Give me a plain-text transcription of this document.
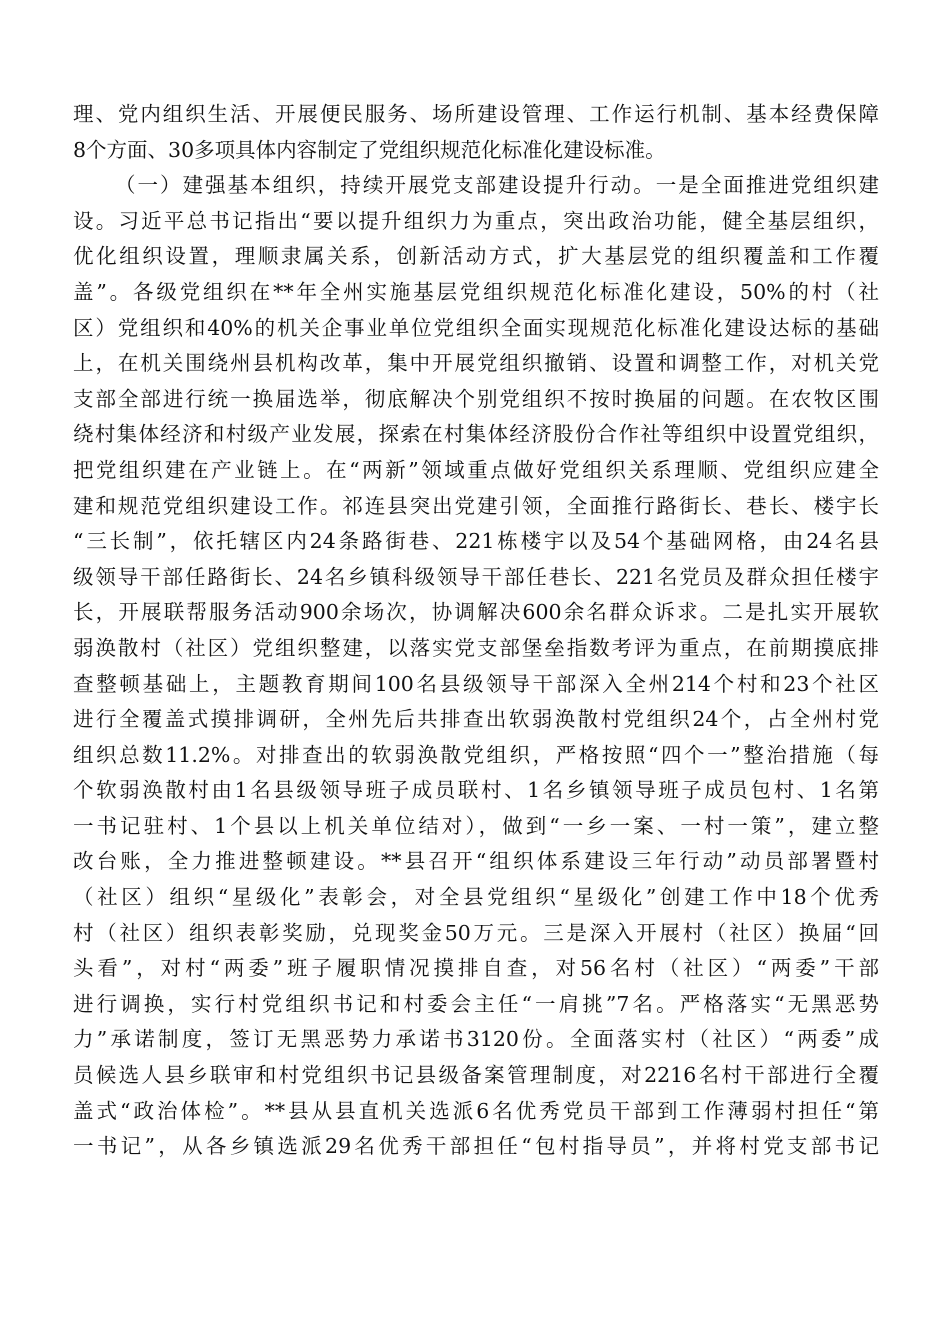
理、党内组织生活、开展便民服务、场所建设管理、工作运行机制、基本经费保障
8个方面、30多项具体内容制定了党组织规范化标准化建设标准。
（一）建强基本组织，持续开展党支部建设提升行动。一是全面推进党组织建
设。习近平总书记指出“要以提升组织力为重点，突出政治功能，健全基层组织，
优化组织设置，理顺隶属关系，创新活动方式，扩大基层党的组织覆盖和工作覆
盖”。各级党组织在**年全州实施基层党组织规范化标准化建设，50%的村（社
区）党组织和40%的机关企事业单位党组织全面实现规范化标准化建设达标的基础
上，在机关围绕州县机构改革，集中开展党组织撤销、设置和调整工作，对机关党
支部全部进行统一换届选举，彻底解决个别党组织不按时换届的问题。在农牧区围
绕村集体经济和村级产业发展，探索在村集体经济股份合作社等组织中设置党组织，
把党组织建在产业链上。在“两新”领域重点做好党组织关系理顺、党组织应建全
建和规范党组织建设工作。祁连县突出党建引领，全面推行路街长、巷长、楼宇长
“三长制”，依托辖区内24条路街巷、221栋楼宇以及54个基础网格，由24名县
级领导干部任路街长、24名乡镇科级领导干部任巷长、221名党员及群众担任楼宇
长，开展联帮服务活动900余场次，协调解决600余名群众诉求。二是扎实开展软
弱涣散村（社区）党组织整建，以落实党支部堡垒指数考评为重点，在前期摸底排
查整顿基础上，主题教育期间100名县级领导干部深入全州214个村和23个社区
进行全覆盖式摸排调研，全州先后共排查出软弱涣散村党组织24个，占全州村党
组织总数11.2%。对排查出的软弱涣散党组织，严格按照“四个一”整治措施（每
个软弱涣散村由1名县级领导班子成员联村、1名乡镇领导班子成员包村、1名第
一书记驻村、1个县以上机关单位结对），做到“一乡一案、一村一策”，建立整
改台账，全力推进整顿建设。**县召开“组织体系建设三年行动”动员部署暨村
（社区）组织“星级化”表彰会，对全县党组织“星级化”创建工作中18个优秀
村（社区）组织表彰奖励，兑现奖金50万元。三是深入开展村（社区）换届“回
头看”，对村“两委”班子履职情况摸排自查，对56名村（社区）“两委”干部
进行调换，实行村党组织书记和村委会主任“一肩挑”7名。严格落实“无黑恶势
力”承诺制度，签订无黑恶势力承诺书3120份。全面落实村（社区）“两委”成
员候选人县乡联审和村党组织书记县级备案管理制度，对2216名村干部进行全覆
盖式“政治体检”。**县从县直机关选派6名优秀党员干部到工作薄弱村担任“第
一书记”，从各乡镇选派29名优秀干部担任“包村指导员”，并将村党支部书记
